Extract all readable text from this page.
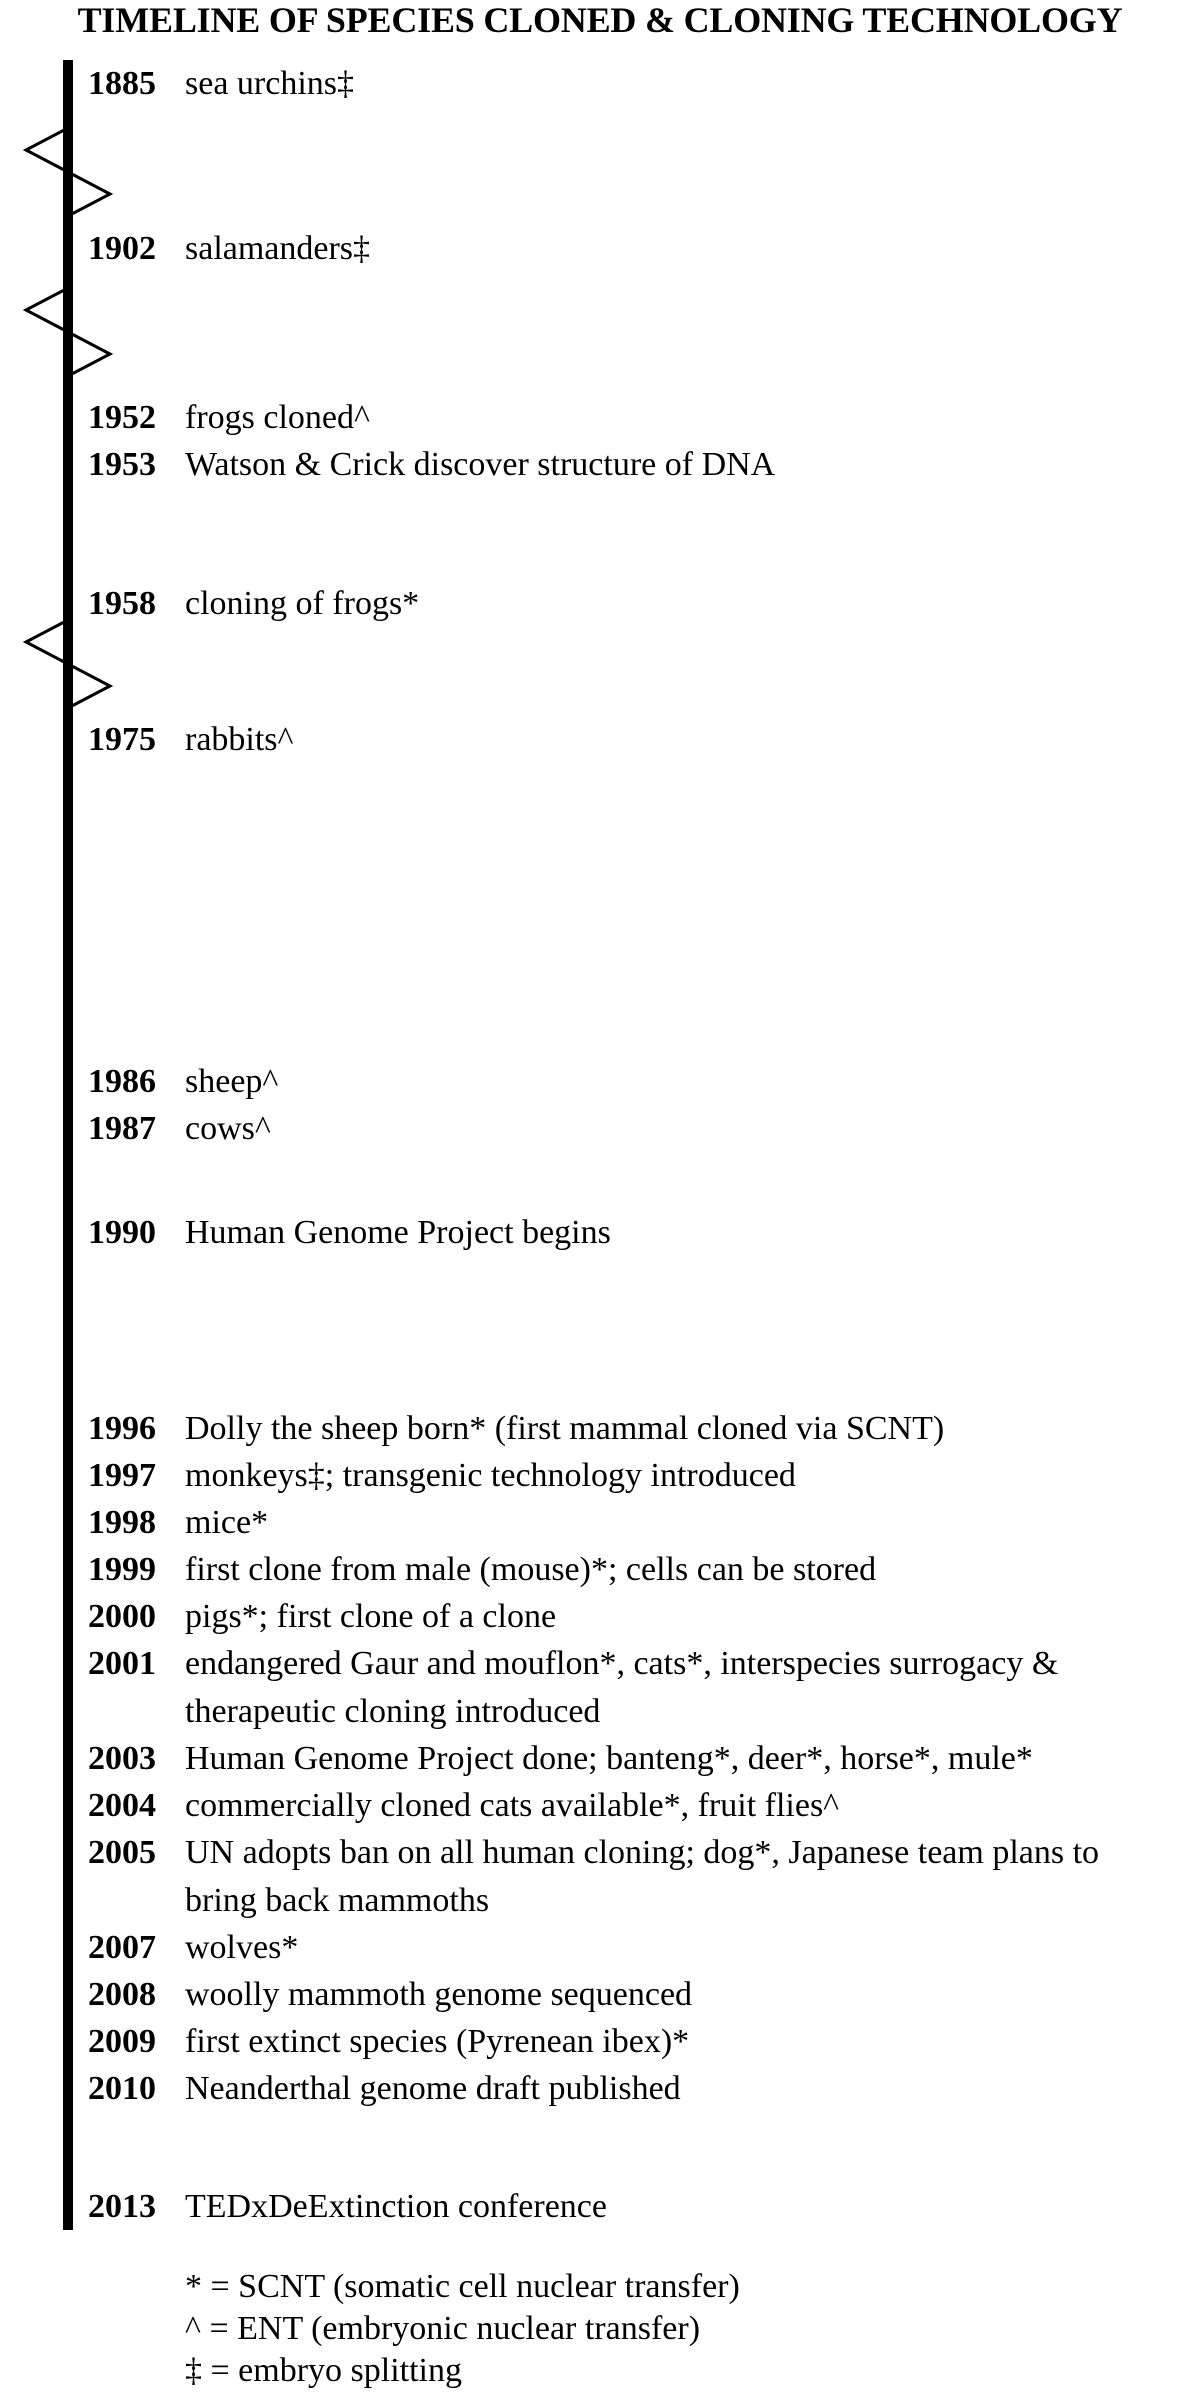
TIMELINE OF SPECIES CLONED & CLONING TECHNOLOGY
1885 sea urchins‡
1902 salamanders‡
1952 frogs cloned^
1953 Watson & Crick discover structure of DNA
1958 cloning of frogs*
1975 rabbits^
1986 sheep^
1987 cows^
1990 Human Genome Project begins
1996 Dolly the sheep born* (first mammal cloned via SCNT)
1997 monkeys‡; transgenic technology introduced
1998 mice*
1999 first clone from male (mouse)*; cells can be stored
2000 pigs*; first clone of a clone
2001 endangered Gaur and mouflon*, cats*, interspecies surrogacy &
therapeutic cloning introduced
2003 Human Genome Project done; banteng*, deer*, horse*, mule*
2004 commercially cloned cats available*, fruit flies^
2005 UN adopts ban on all human cloning; dog*, Japanese team plans to
bring back mammoths
2007 wolves*
2008 woolly mammoth genome sequenced
2009 first extinct species (Pyrenean ibex)*
2010 Neanderthal genome draft published
2013 TEDxDeExtinction conference
* = SCNT (somatic cell nuclear transfer)
^ = ENT (embryonic nuclear transfer)
‡ = embryo splitting
